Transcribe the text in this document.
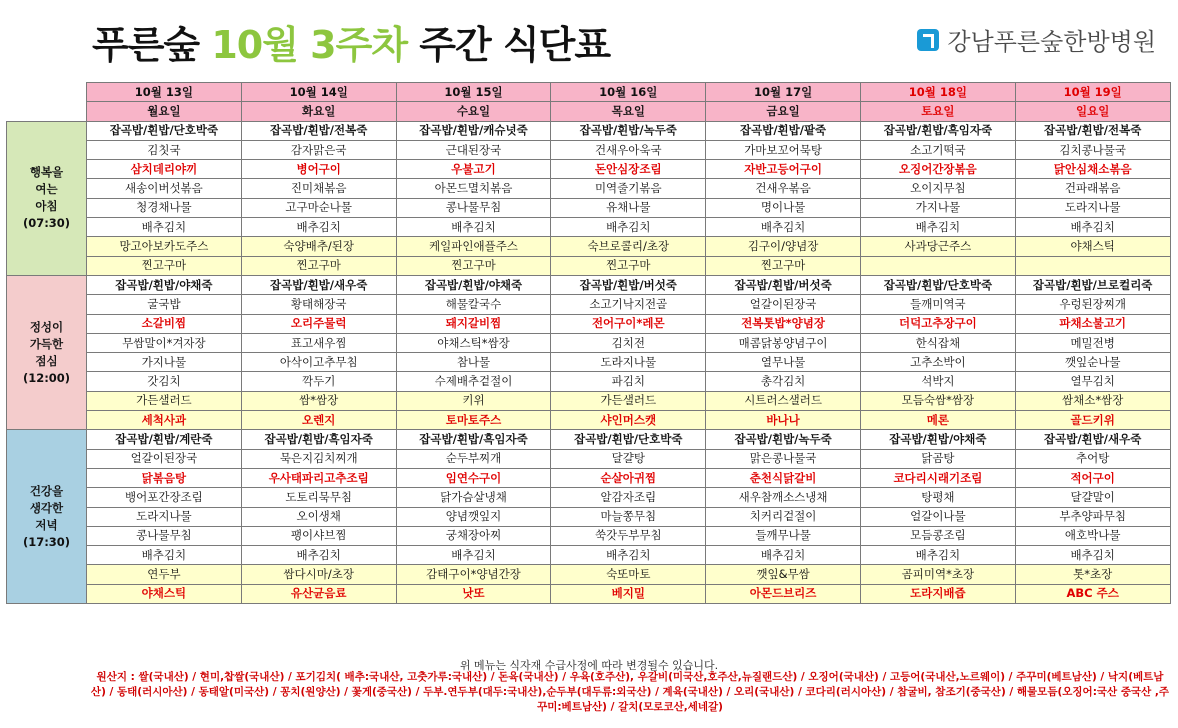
푸른숲 10월 3주차 주간 식단표	강남푸른숲한방병원
	10월 13일	10월 14일	10월 15일	10월 16일	10월 17일	10월 18일	10월 19일
	월요일	화요일	수요일	목요일	금요일	토요일	일요일

행복을
여는
아침
(07:30)	잡곡밥/흰밥/단호박죽	잡곡밥/흰밥/전복죽	잡곡밥/흰밥/캐슈넛죽	잡곡밥/흰밥/녹두죽	잡곡밥/흰밥/팥죽	잡곡밥/흰밥/흑임자죽	잡곡밥/흰밥/전복죽
	김칫국	감자맑은국	근대된장국	건새우아욱국	가마보꼬어묵탕	소고기떡국	김치콩나물국
	삼치데리야끼	병어구이	우불고기	돈안심장조림	자반고등어구이	오징어간장볶음	닭안심채소볶음
	새송이버섯볶음	진미채볶음	아몬드멸치볶음	미역줄기볶음	건새우볶음	오이지무침	건파래볶음
	청경채나물	고구마순나물	콩나물무침	유채나물	명이나물	가지나물	도라지나물
	배추김치	배추김치	배추김치	배추김치	배추김치	배추김치	배추김치
	망고아보카도주스	숙양배추/된장	케일파인애플주스	숙브로콜리/초장	김구이/양념장	사과당근주스	야채스틱
	찐고구마	찐고구마	찐고구마	찐고구마	찐고구마		

정성이
가득한
점심
(12:00)	잡곡밥/흰밥/야채죽	잡곡밥/흰밥/새우죽	잡곡밥/흰밥/야채죽	잡곡밥/흰밥/버섯죽	잡곡밥/흰밥/버섯죽	잡곡밥/흰밥/단호박죽	잡곡밥/흰밥/브로컬리죽
	굴국밥	황태해장국	해물칼국수	소고기낙지전골	얼갈이된장국	들깨미역국	우렁된장찌개
	소갈비찜	오리주물럭	돼지갈비찜	전어구이*레몬	전복톳밥*양념장	더덕고추장구이	파채소불고기
	무쌈말이*겨자장	표고새우찜	야채스틱*쌈장	김치전	매콤닭봉양념구이	한식잡채	메밀전병
	가지나물	아삭이고추무침	참나물	도라지나물	열무나물	고추소박이	깻잎순나물
	갓김치	깍두기	수제배추겉절이	파김치	총각김치	석박지	열무김치
	가든샐러드	쌈*쌈장	키위	가든샐러드	시트러스샐러드	모듬숙쌈*쌈장	쌈채소*쌈장
	세척사과	오렌지	토마토주스	샤인머스캣	바나나	메론	골드키위

건강을
생각한
저녁
(17:30)	잡곡밥/흰밥/계란죽	잡곡밥/흰밥/흑임자죽	잡곡밥/흰밥/흑임자죽	잡곡밥/흰밥/단호박죽	잡곡밥/흰밥/녹두죽	잡곡밥/흰밥/야채죽	잡곡밥/흰밥/새우죽
	얼갈이된장국	묵은지김치찌개	순두부찌개	달걀탕	맑은콩나물국	닭곰탕	추어탕
	닭볶음탕	우사태파리고추조림	임연수구이	순살아귀찜	춘천식닭갈비	코다리시래기조림	적어구이
	뱅어포간장조림	도토리묵무침	닭가슴살냉채	알감자조림	새우참깨소스냉채	탕평채	달걀말이
	도라지나물	오이생채	양념깻잎지	마늘쫑무침	치커리겉절이	얼갈이나물	부추양파무침
	콩나물무침	팽이샤브찜	궁채장아찌	쑥갓두부무침	들깨무나물	모듬콩조림	애호박나물
	배추김치	배추김치	배추김치	배추김치	배추김치	배추김치	배추김치
	연두부	쌈다시마/초장	감태구이*양념간장	숙또마토	깻잎&무쌈	곰피미역*초장	톳*초장
	야채스틱	유산균음료	낫또	베지밀	아몬드브리즈	도라지배즙	ABC 주스
위 메뉴는 식자재 수급사정에 따라 변경될수 있습니다.
원산지 : 쌀(국내산) / 현미,찹쌀(국내산) / 포기김치( 배추:국내산, 고춧가루:국내산) / 돈육(국내산) / 우육(호주산), 우갈비(미국산,호주산,뉴질랜드산) / 오징어(국내산) / 고등어(국내산,노르웨이) / 주꾸미(베트남산) / 낙지(베트남산) / 동태(러시아산) / 동태알(미국산) / 꽁치(원양산) / 꽃게(중국산) / 두부.연두부(대두:국내산),순두부(대두류:외국산) / 계육(국내산) / 오리(국내산) / 코다리(러시아산) / 참굴비, 참조기(중국산) / 해물모듬(오징어:국산 중국산 ,주꾸미:베트남산) / 갈치(모로코산,세네갈)
